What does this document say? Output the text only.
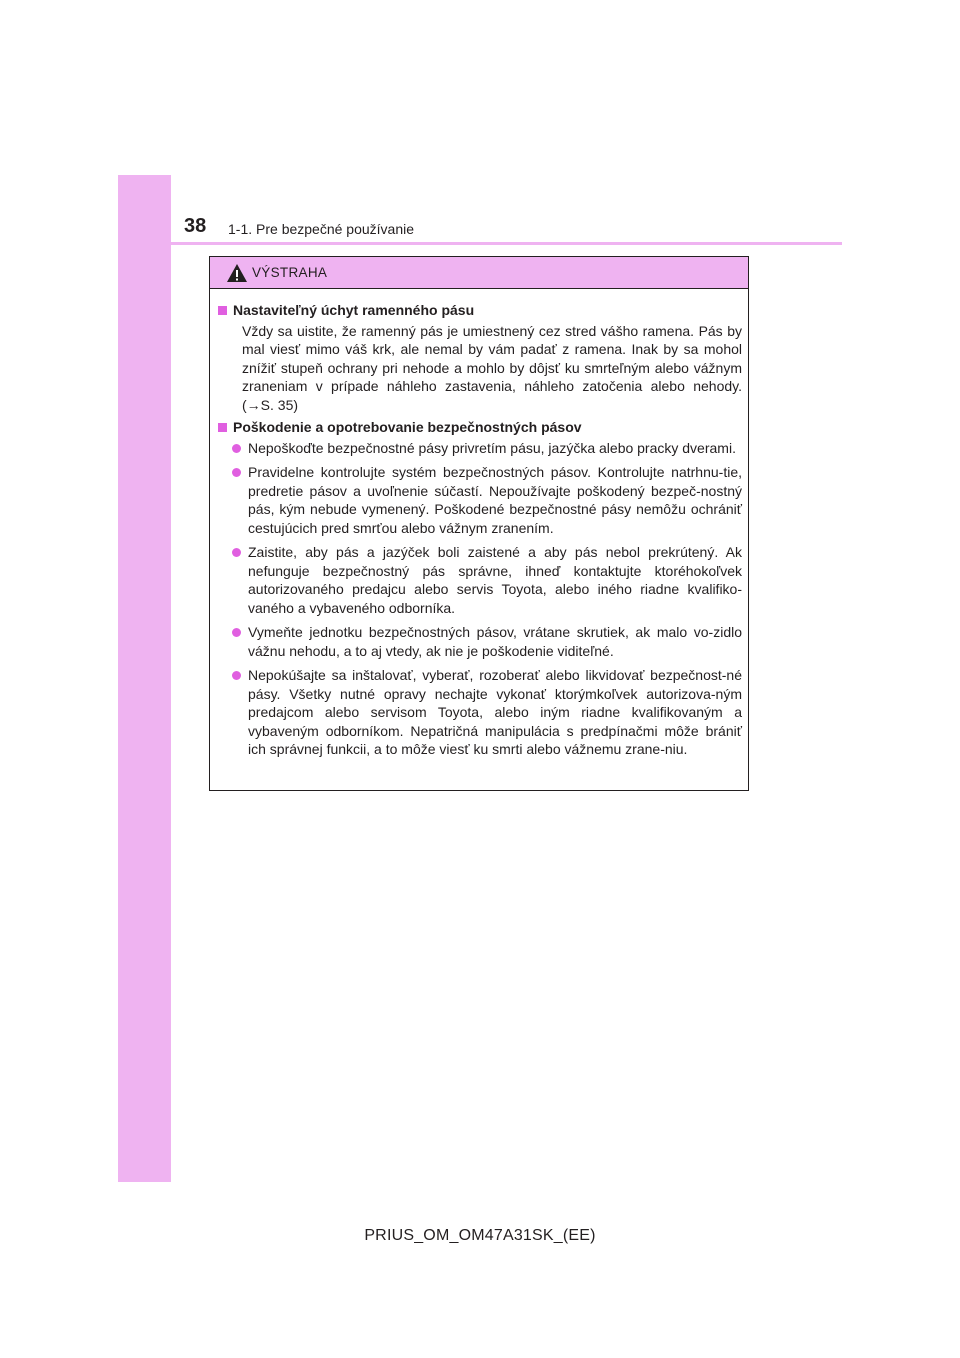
38 1-1. Pre bezpečné používanie
VÝSTRAHA
Nastaviteľný úchyt ramenného pásu
Vždy sa uistite, že ramenný pás je umiestnený cez stred vášho ramena. Pás by mal viesť mimo váš krk, ale nemal by vám padať z ramena. Inak by sa mohol znížiť stupeň ochrany pri nehode a mohlo by dôjsť ku smrteľným alebo vážnym zraneniam v prípade náhleho zastavenia, náhleho zatočenia alebo nehody. (→S. 35)
Poškodenie a opotrebovanie bezpečnostných pásov
Nepoškoďte bezpečnostné pásy privretím pásu, jazýčka alebo pracky dverami.
Pravidelne kontrolujte systém bezpečnostných pásov. Kontrolujte natrhnu-tie, predretie pásov a uvoľnenie súčastí. Nepoužívajte poškodený bezpeč-nostný pás, kým nebude vymenený. Poškodené bezpečnostné pásy nemôžu ochrániť cestujúcich pred smrťou alebo vážnym zranením.
Zaistite, aby pás a jazýček boli zaistené a aby pás nebol prekrútený. Ak nefunguje bezpečnostný pás správne, ihneď kontaktujte ktoréhokoľvek autorizovaného predajcu alebo servis Toyota, alebo iného riadne kvalifiko-vaného a vybaveného odborníka.
Vymeňte jednotku bezpečnostných pásov, vrátane skrutiek, ak malo vo-zidlo vážnu nehodu, a to aj vtedy, ak nie je poškodenie viditeľné.
Nepokúšajte sa inštalovať, vyberať, rozoberať alebo likvidovať bezpečnost-né pásy. Všetky nutné opravy nechajte vykonať ktorýmkoľvek autorizova-ným predajcom alebo servisom Toyota, alebo iným riadne kvalifikovaným a vybaveným odborníkom. Nepatričná manipulácia s predpínačmi môže brániť ich správnej funkcii, a to môže viesť ku smrti alebo vážnemu zrane-niu.
PRIUS_OM_OM47A31SK_(EE)
